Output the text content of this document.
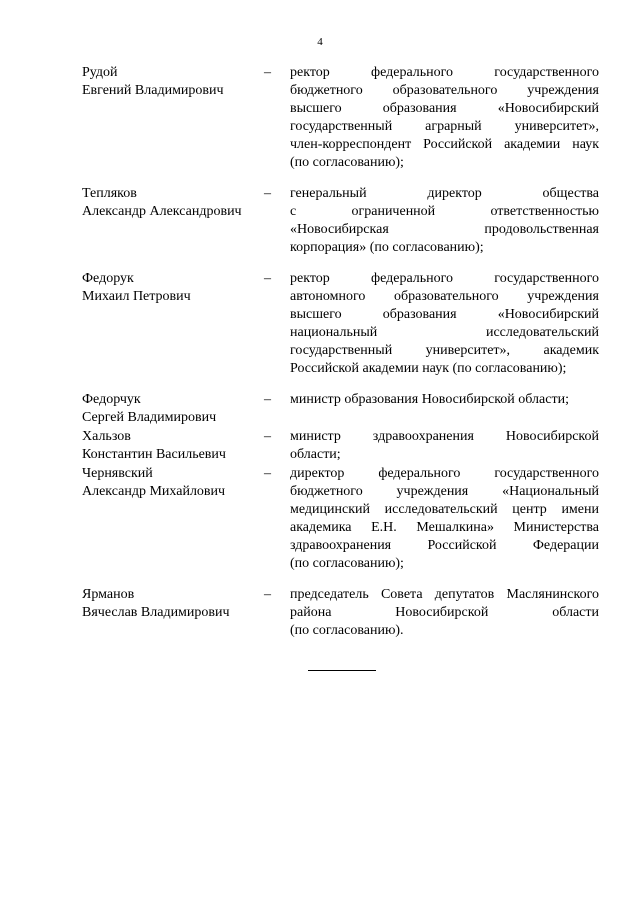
4
Рудой
Евгений Владимирович
–	ректор федерального государственного
бюджетного образовательного учреждения
высшего образования «Новосибирский
государственный аграрный университет»,
член-корреспондент Российской академии наук
(по согласованию);
Тепляков
Александр Александрович
–	генеральный директор общества
с ограниченной ответственностью
«Новосибирская продовольственная
корпорация» (по согласованию);
Федорук
Михаил Петрович
–	ректор федерального государственного
автономного образовательного учреждения
высшего образования «Новосибирский
национальный исследовательский
государственный университет», академик
Российской академии наук (по согласованию);
Федорчук
Сергей Владимирович
–	министр образования Новосибирской области;
Хальзов
Константин Васильевич
–	министр здравоохранения Новосибирской
области;
Чернявский
Александр Михайлович
–	директор федерального государственного
бюджетного учреждения «Национальный
медицинский исследовательский центр имени
академика Е.Н. Мешалкина» Министерства
здравоохранения Российской Федерации
(по согласованию);
Ярманов
Вячеслав Владимирович
–	председатель Совета депутатов Маслянинского
района Новосибирской области
(по согласованию).
